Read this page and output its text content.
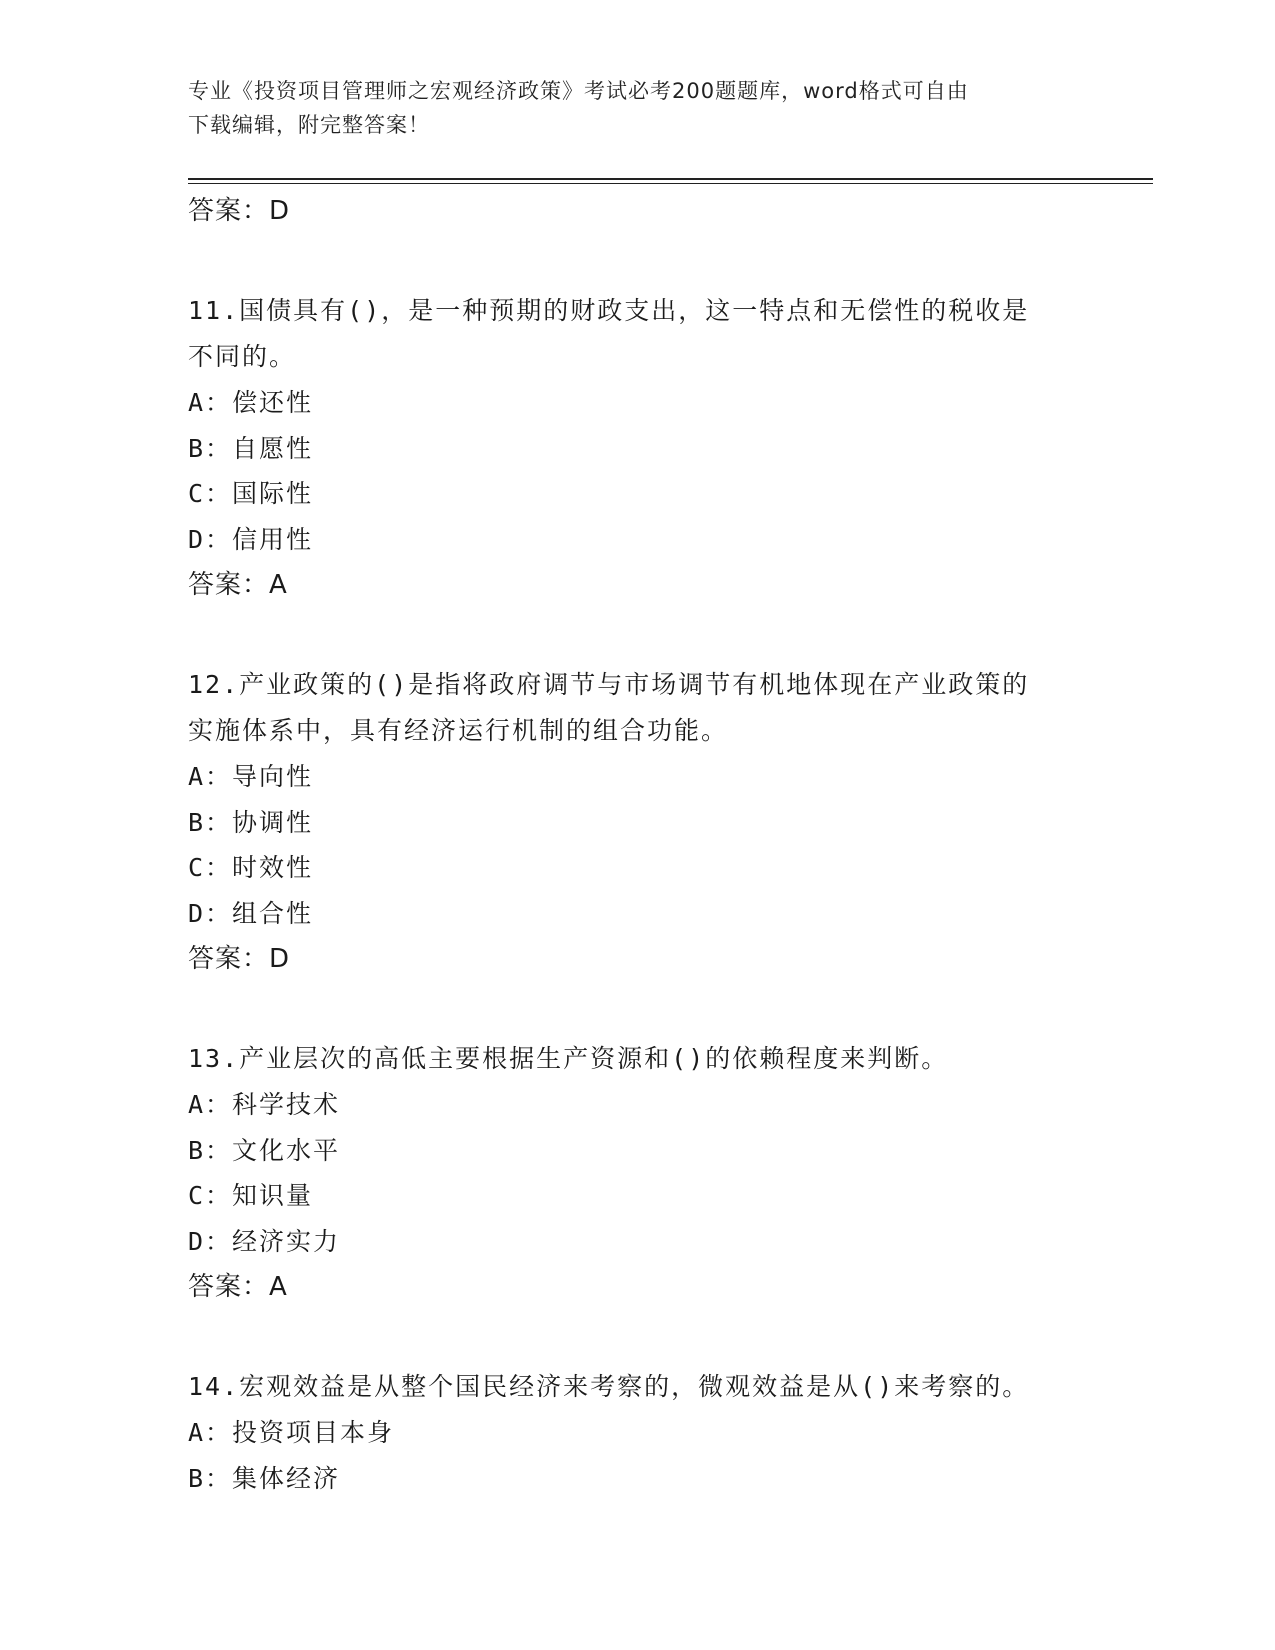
专业《投资项目管理师之宏观经济政策》考试必考200题题库，word格式可自由
下载编辑，附完整答案！
答案：D
11.国债具有()，是一种预期的财政支出，这一特点和无偿性的税收是
不同的。
A：偿还性
B：自愿性
C：国际性
D：信用性
答案：A
12.产业政策的()是指将政府调节与市场调节有机地体现在产业政策的
实施体系中，具有经济运行机制的组合功能。
A：导向性
B：协调性
C：时效性
D：组合性
答案：D
13.产业层次的高低主要根据生产资源和()的依赖程度来判断。
A：科学技术
B：文化水平
C：知识量
D：经济实力
答案：A
14.宏观效益是从整个国民经济来考察的，微观效益是从()来考察的。
A：投资项目本身
B：集体经济
